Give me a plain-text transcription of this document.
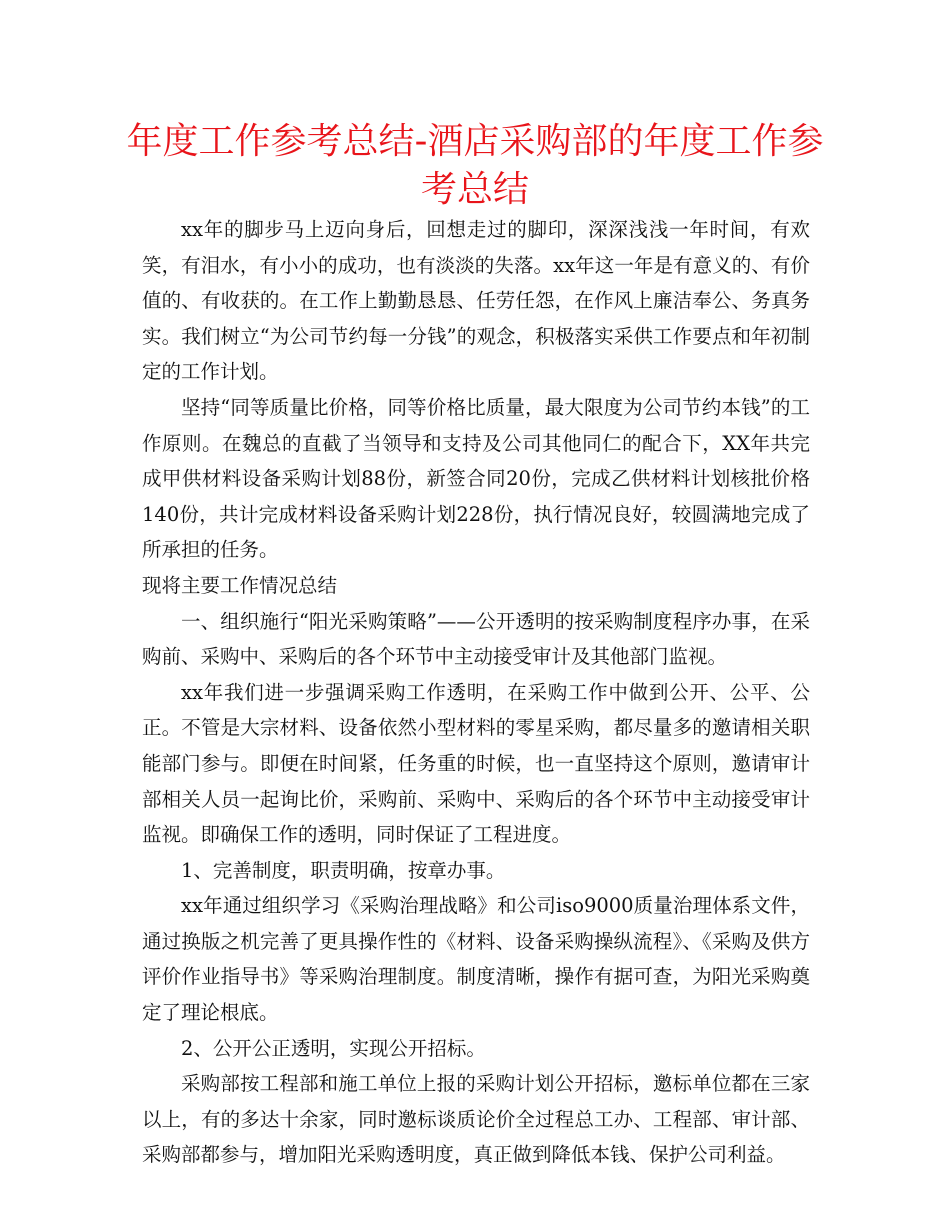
年度工作参考总结-酒店采购部的年度工作参考总结

xx年的脚步马上迈向身后，回想走过的脚印，深深浅浅一年时间，有欢笑，有泪水，有小小的成功，也有淡淡的失落。xx年这一年是有意义的、有价值的、有收获的。在工作上勤勤恳恳、任劳任怨，在作风上廉洁奉公、务真务实。我们树立“为公司节约每一分钱”的观念，积极落实采供工作要点和年初制定的工作计划。

坚持“同等质量比价格，同等价格比质量，最大限度为公司节约本钱”的工作原则。在魏总的直截了当领导和支持及公司其他同仁的配合下，XX年共完成甲供材料设备采购计划88份，新签合同20份，完成乙供材料计划核批价格140份，共计完成材料设备采购计划228份，执行情况良好，较圆满地完成了所承担的任务。

现将主要工作情况总结

一、组织施行“阳光采购策略”——公开透明的按采购制度程序办事，在采购前、采购中、采购后的各个环节中主动接受审计及其他部门监视。

xx年我们进一步强调采购工作透明，在采购工作中做到公开、公平、公正。不管是大宗材料、设备依然小型材料的零星采购，都尽量多的邀请相关职能部门参与。即便在时间紧，任务重的时候，也一直坚持这个原则，邀请审计部相关人员一起询比价，采购前、采购中、采购后的各个环节中主动接受审计监视。即确保工作的透明，同时保证了工程进度。

1、完善制度，职责明确，按章办事。

xx年通过组织学习《采购治理战略》和公司iso9000质量治理体系文件，通过换版之机完善了更具操作性的《材料、设备采购操纵流程》、《采购及供方评价作业指导书》等采购治理制度。制度清晰，操作有据可查，为阳光采购奠定了理论根底。

2、公开公正透明，实现公开招标。

采购部按工程部和施工单位上报的采购计划公开招标，邀标单位都在三家以上，有的多达十余家，同时邀标谈质论价全过程总工办、工程部、审计部、采购部都参与，增加阳光采购透明度，真正做到降低本钱、保护公司利益。
